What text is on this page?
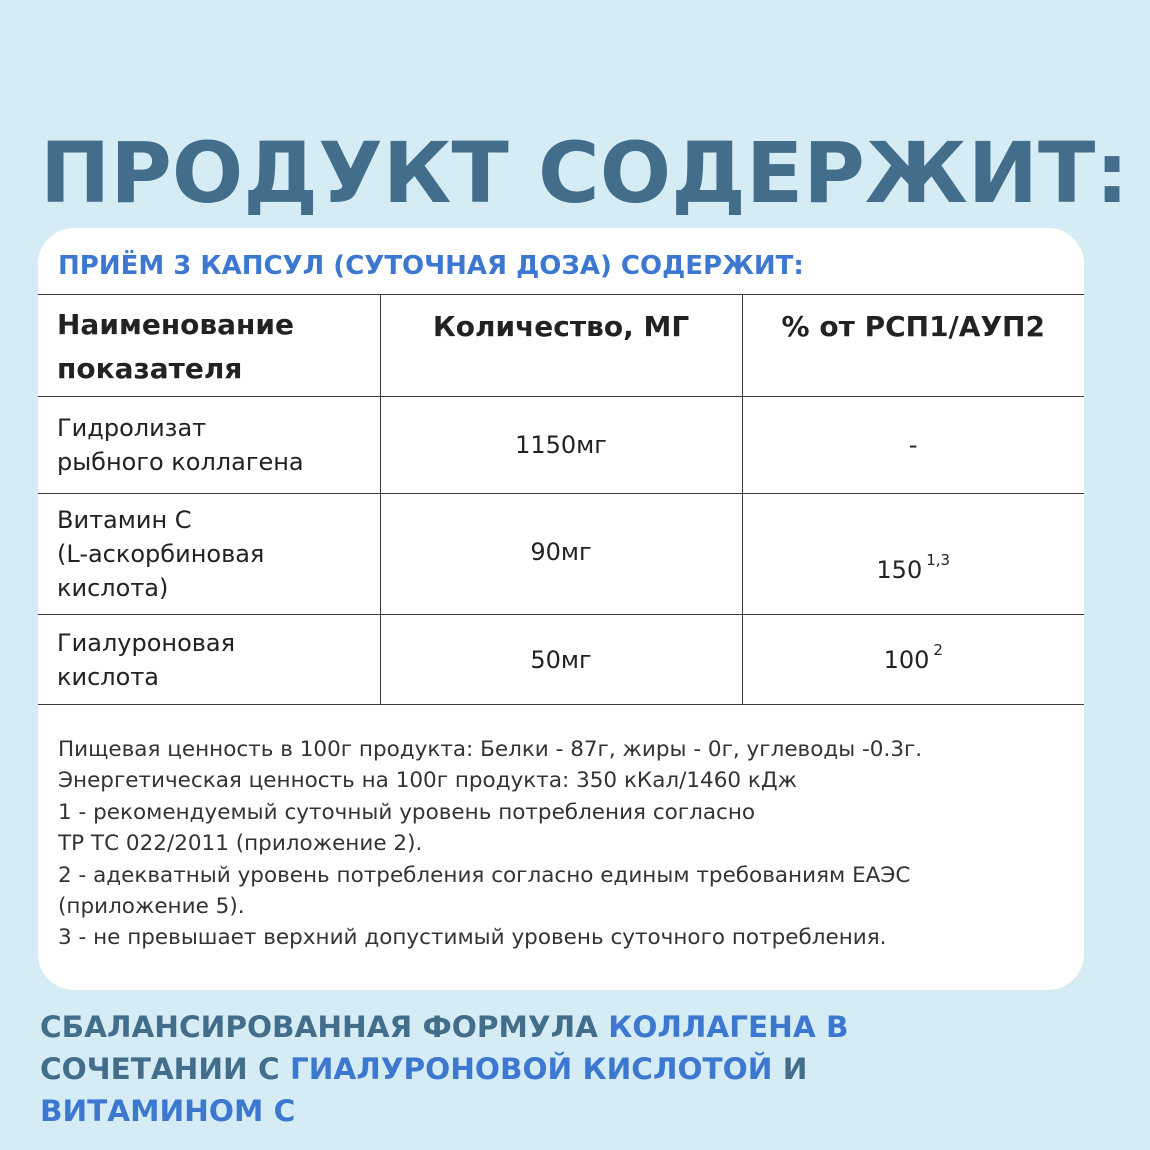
ПРОДУКТ СОДЕРЖИТ:
ПРИЁМ 3 КАПСУЛ (СУТОЧНАЯ ДОЗА) СОДЕРЖИТ:
Наименование показателя	Количество, МГ	% от РСП1/АУП2

Гидролизат
рыбного коллагена	1150мг	-

Витамин С
(L-аскорбиновая
кислота)	90мг	150 $^{1,3}$

Гиалуроновая
кислота	50мг	100 $^2$
Пищевая ценность в 100г продукта: Белки - 87г, жиры - 0г, углеводы -0.3г.
Энергетическая ценность на 100г продукта: 350 кКал/1460 кДж
1 - рекомендуемый суточный уровень потребления согласно
ТР ТС 022/2011 (приложение 2).
2 - адекватный уровень потребления согласно единым требованиям ЕАЭС
(приложение 5).
3 - не превышает верхний допустимый уровень суточного потребления.
СБАЛАНСИРОВАННАЯ ФОРМУЛА КОЛЛАГЕНА В
СОЧЕТАНИИ С ГИАЛУРОНОВОЙ КИСЛОТОЙ И
ВИТАМИНОМ С
